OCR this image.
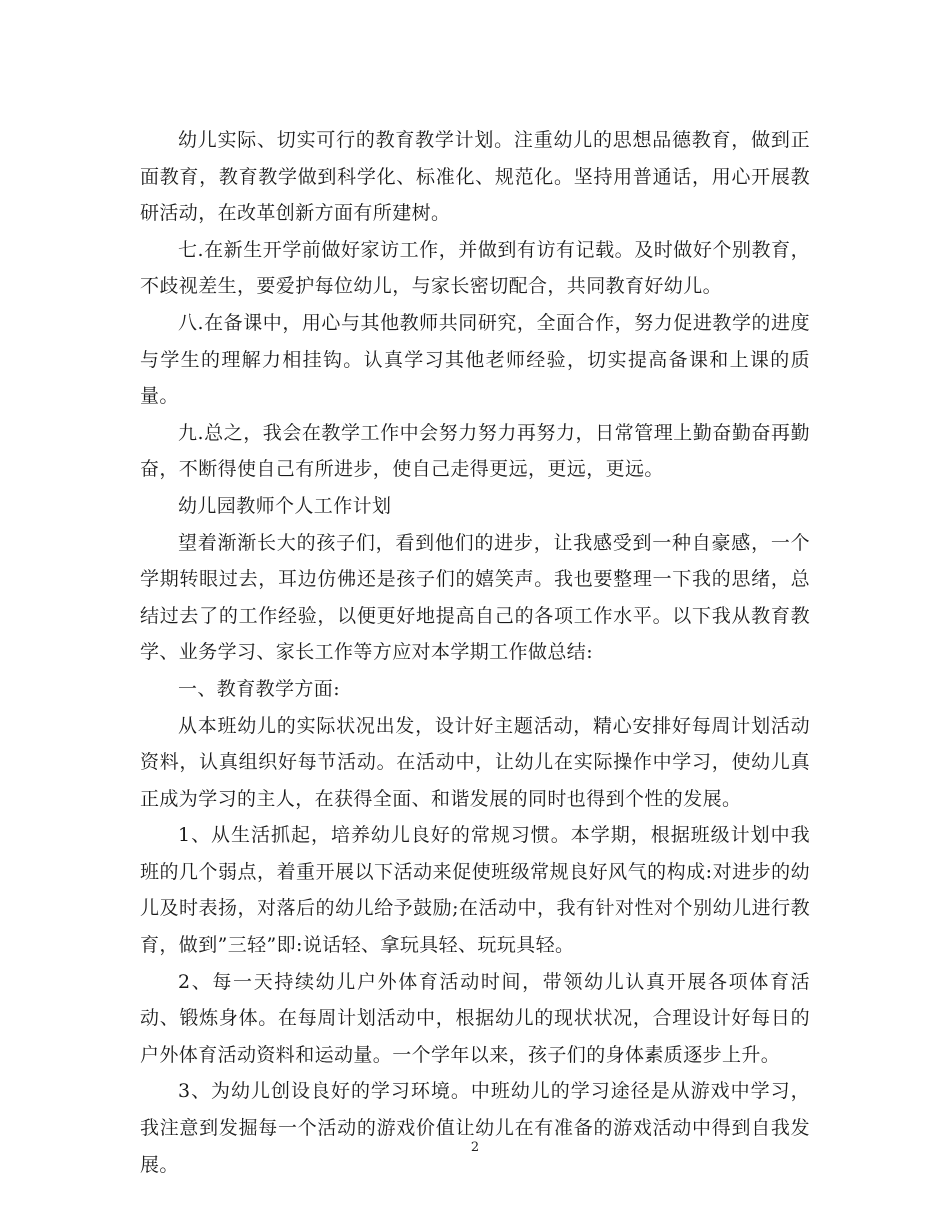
幼儿实际、切实可行的教育教学计划。注重幼儿的思想品德教育，做到正面教育，教育教学做到科学化、标准化、规范化。坚持用普通话，用心开展教研活动，在改革创新方面有所建树。

七.在新生开学前做好家访工作，并做到有访有记载。及时做好个别教育，不歧视差生，要爱护每位幼儿，与家长密切配合，共同教育好幼儿。

八.在备课中，用心与其他教师共同研究，全面合作，努力促进教学的进度与学生的理解力相挂钩。认真学习其他老师经验，切实提高备课和上课的质量。

九.总之，我会在教学工作中会努力努力再努力，日常管理上勤奋勤奋再勤奋，不断得使自己有所进步，使自己走得更远，更远，更远。

幼儿园教师个人工作计划

望着渐渐长大的孩子们，看到他们的进步，让我感受到一种自豪感，一个学期转眼过去，耳边仿佛还是孩子们的嬉笑声。我也要整理一下我的思绪，总结过去了的工作经验，以便更好地提高自己的各项工作水平。以下我从教育教学、业务学习、家长工作等方应对本学期工作做总结:

一、教育教学方面:

从本班幼儿的实际状况出发，设计好主题活动，精心安排好每周计划活动资料，认真组织好每节活动。在活动中，让幼儿在实际操作中学习，使幼儿真正成为学习的主人，在获得全面、和谐发展的同时也得到个性的发展。

1、从生活抓起，培养幼儿良好的常规习惯。本学期，根据班级计划中我班的几个弱点，着重开展以下活动来促使班级常规良好风气的构成:对进步的幼儿及时表扬，对落后的幼儿给予鼓励;在活动中，我有针对性对个别幼儿进行教育，做到”三轻”即:说话轻、拿玩具轻、玩玩具轻。

2、每一天持续幼儿户外体育活动时间，带领幼儿认真开展各项体育活动、锻炼身体。在每周计划活动中，根据幼儿的现状状况，合理设计好每日的户外体育活动资料和运动量。一个学年以来，孩子们的身体素质逐步上升。

3、为幼儿创设良好的学习环境。中班幼儿的学习途径是从游戏中学习，我注意到发掘每一个活动的游戏价值让幼儿在有准备的游戏活动中得到自我发展。

2
